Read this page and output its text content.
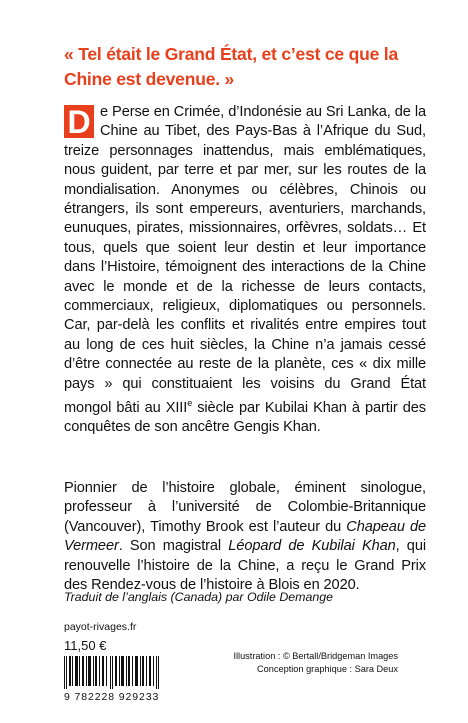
« Tel était le Grand État, et c’est ce que la Chine est devenue. »
D e Perse en Crimée, d’Indonésie au Sri Lanka, de la Chine au Tibet, des Pays-Bas à l’Afrique du Sud, treize personnages inattendus, mais emblématiques, nous guident, par terre et par mer, sur les routes de la mondialisation. Anonymes ou célèbres, Chinois ou étrangers, ils sont empereurs, aventuriers, marchands, eunuques, pirates, missionnaires, orfèvres, soldats… Et tous, quels que soient leur destin et leur importance dans l’Histoire, témoignent des interactions de la Chine avec le monde et de la richesse de leurs contacts, commerciaux, religieux, diplomatiques ou personnels. Car, par-delà les conflits et rivalités entre empires tout au long de ces huit siècles, la Chine n’a jamais cessé d’être connectée au reste de la planète, ces « dix mille pays » qui constituaient les voisins du Grand État mongol bâti au XIIIe siècle par Kubilai Khan à partir des conquêtes de son ancêtre Gengis Khan.
Pionnier de l’histoire globale, éminent sinologue, professeur à l’université de Colombie-Britannique (Vancouver), Timothy Brook est l’auteur du Chapeau de Vermeer. Son magistral Léopard de Kubilai Khan, qui renouvelle l’histoire de la Chine, a reçu le Grand Prix des Rendez-vous de l’histoire à Blois en 2020.
Traduit de l’anglais (Canada) par Odile Demange
payot-rivages.fr
11,50 €
Illustration : © Bertall/Bridgeman Images
Conception graphique : Sara Deux
9 782228 929233
